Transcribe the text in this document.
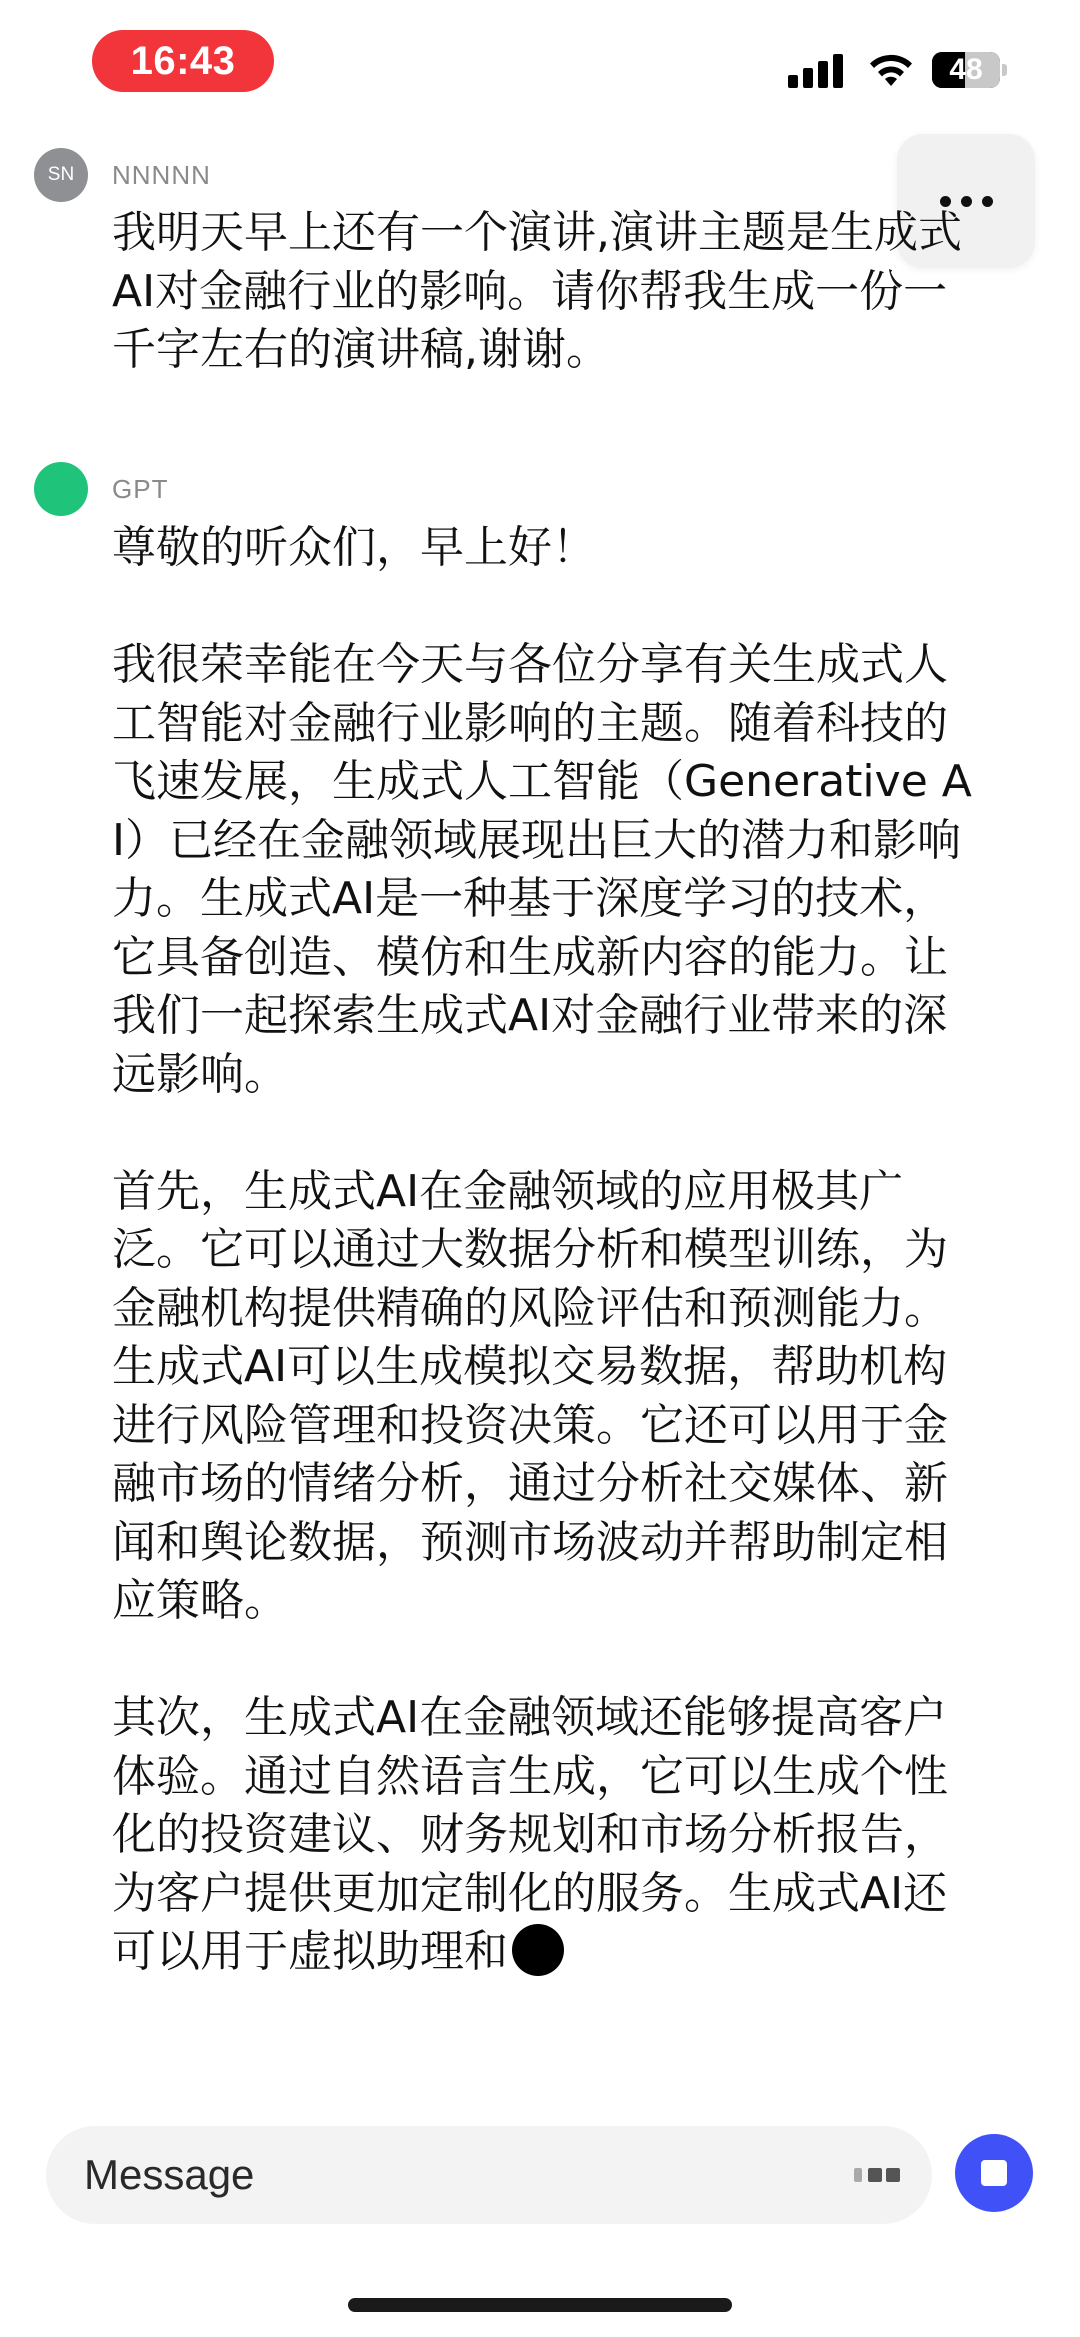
16:43	48
SN	NNNNN
我明天早上还有一个演讲,演讲主题是生成式AI对金融行业的影响。请你帮我生成一份一千字左右的演讲稿,谢谢。
GPT
尊敬的听众们，早上好！

我很荣幸能在今天与各位分享有关生成式人工智能对金融行业影响的主题。随着科技的飞速发展，生成式人工智能（Generative AI）已经在金融领域展现出巨大的潜力和影响力。生成式AI是一种基于深度学习的技术，它具备创造、模仿和生成新内容的能力。让我们一起探索生成式AI对金融行业带来的深远影响。

首先，生成式AI在金融领域的应用极其广泛。它可以通过大数据分析和模型训练，为金融机构提供精确的风险评估和预测能力。生成式AI可以生成模拟交易数据，帮助机构进行风险管理和投资决策。它还可以用于金融市场的情绪分析，通过分析社交媒体、新闻和舆论数据，预测市场波动并帮助制定相应策略。

其次，生成式AI在金融领域还能够提高客户体验。通过自然语言生成，它可以生成个性化的投资建议、财务规划和市场分析报告，为客户提供更加定制化的服务。生成式AI还可以用于虚拟助理和
Message
